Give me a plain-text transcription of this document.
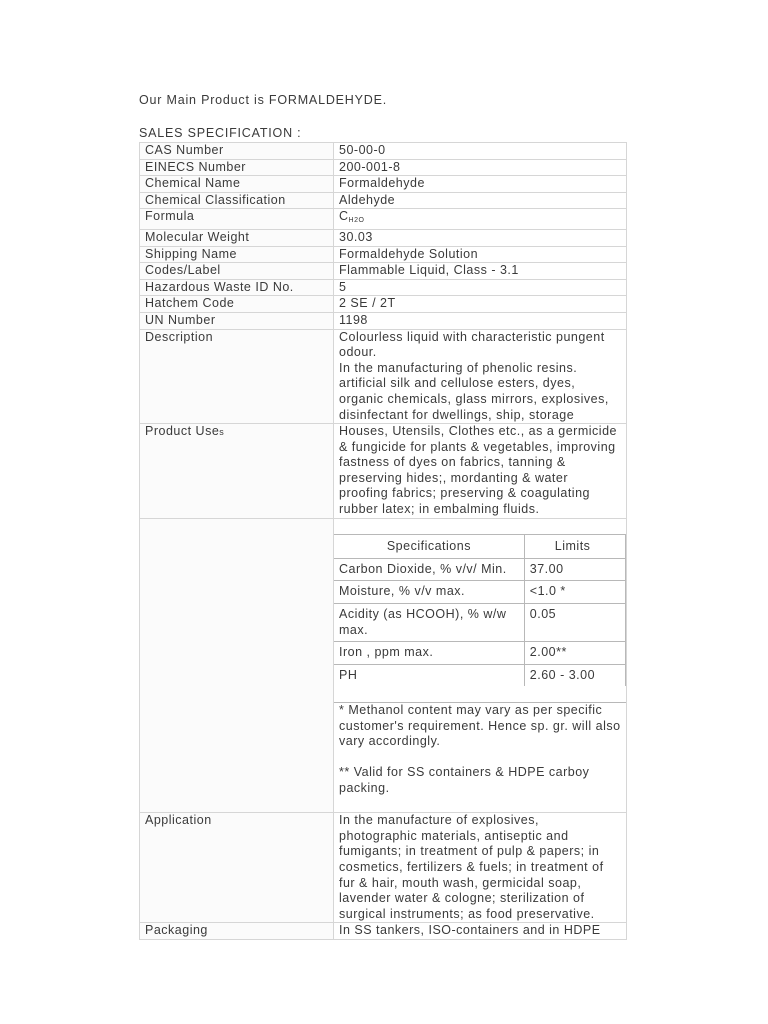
Our Main Product is FORMALDEHYDE.
SALES SPECIFICATION :
CAS Number	50-00-0
EINECS Number	200-001-8
Chemical Name	Formaldehyde
Chemical Classification	Aldehyde
Formula	$C_{H2O}$
Molecular Weight	30.03
Shipping Name	Formaldehyde Solution
Codes/Label	Flammable Liquid, Class - 3.1
Hazardous Waste ID No.	5
Hatchem Code	2 SE / 2T
UN Number	1198
Description	Colourless liquid with characteristic pungent odour.
In the manufacturing of phenolic resins. artificial silk and cellulose esters, dyes, organic chemicals, glass mirrors, explosives, disinfectant for dwellings, ship, storage
Product Uses	Houses, Utensils, Clothes etc., as a germicide & fungicide for plants & vegetables, improving fastness of dyes on fabrics, tanning & preserving hides;, mordanting & water proofing fabrics; preserving & coagulating rubber latex; in embalming fluids.

Specifications	Limits
Carbon Dioxide, % v/v/ Min.	37.00
Moisture, % v/v max.	<1.0 *
Acidity (as HCOOH), % w/w max.	0.05
Iron , ppm max.	2.00**
PH	2.60 - 3.00

* Methanol content may vary as per specific customer's requirement. Hence sp. gr. will also vary accordingly.

** Valid for SS containers & HDPE carboy packing.

Application	In the manufacture of explosives, photographic materials, antiseptic and fumigants; in treatment of pulp & papers; in cosmetics, fertilizers & fuels; in treatment of fur & hair, mouth wash, germicidal soap, lavender water & cologne; sterilization of surgical instruments; as food preservative.
Packaging	In SS tankers, ISO-containers and in HDPE
